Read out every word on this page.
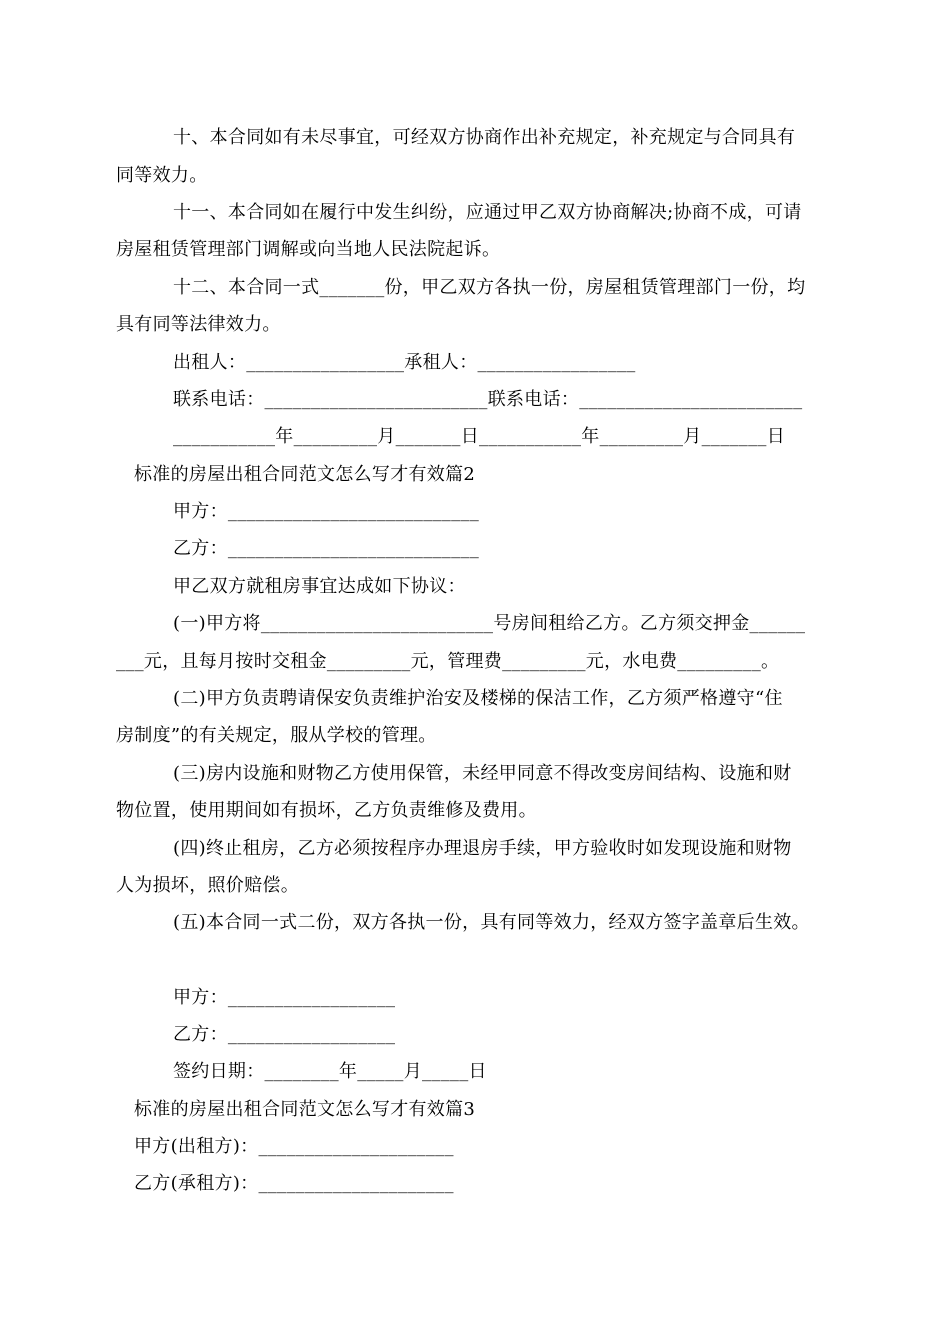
十、本合同如有未尽事宜，可经双方协商作出补充规定，补充规定与合同具有
同等效力。
十一、本合同如在履行中发生纠纷，应通过甲乙双方协商解决;协商不成，可请
房屋租赁管理部门调解或向当地人民法院起诉。
十二、本合同一式_______份，甲乙双方各执一份，房屋租赁管理部门一份，均
具有同等法律效力。
出租人：_________________承租人：_________________
联系电话：________________________联系电话：________________________
___________年_________月_______日___________年_________月_______日
标准的房屋出租合同范文怎么写才有效篇2
甲方：___________________________
乙方：___________________________
甲乙双方就租房事宜达成如下协议：
(一)甲方将_________________________号房间租给乙方。乙方须交押金______
___元，且每月按时交租金_________元，管理费_________元，水电费_________。
(二)甲方负责聘请保安负责维护治安及楼梯的保洁工作，乙方须严格遵守“住
房制度”的有关规定，服从学校的管理。
(三)房内设施和财物乙方使用保管，未经甲同意不得改变房间结构、设施和财
物位置，使用期间如有损坏，乙方负责维修及费用。
(四)终止租房，乙方必须按程序办理退房手续，甲方验收时如发现设施和财物
人为损坏，照价赔偿。
(五)本合同一式二份，双方各执一份，具有同等效力，经双方签字盖章后生效。
甲方：__________________
乙方：__________________
签约日期：________年_____月_____日
标准的房屋出租合同范文怎么写才有效篇3
甲方(出租方)：_____________________
乙方(承租方)：_____________________
